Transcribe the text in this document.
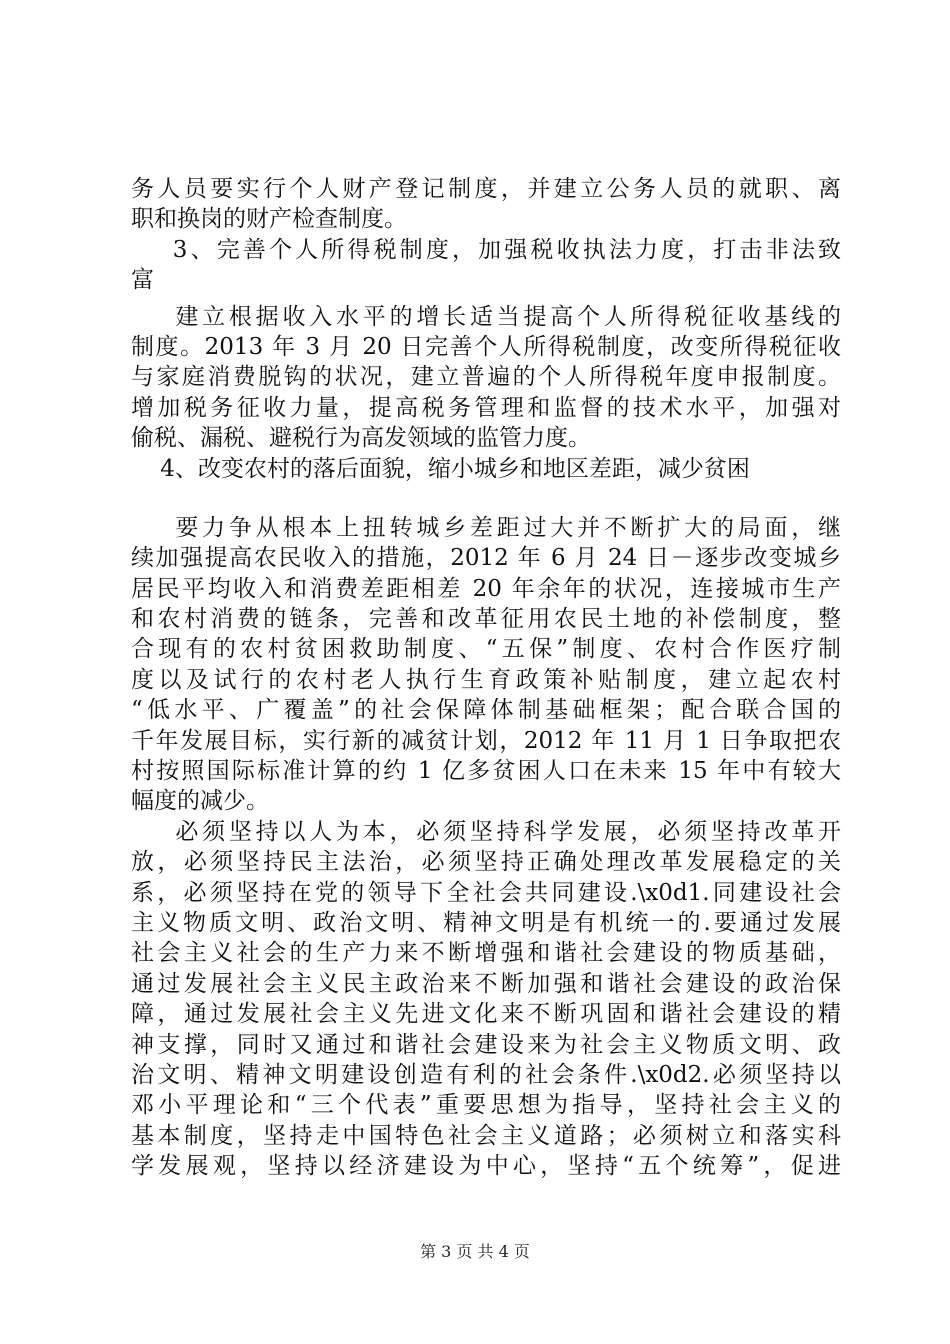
务人员要实行个人财产登记制度，并建立公务人员的就职、离
职和换岗的财产检查制度。
3、完善个人所得税制度，加强税收执法力度，打击非法致
富
建立根据收入水平的增长适当提高个人所得税征收基线的
制度。2013 年 3 月 20 日完善个人所得税制度，改变所得税征收
与家庭消费脱钩的状况，建立普遍的个人所得税年度申报制度。
增加税务征收力量，提高税务管理和监督的技术水平，加强对
偷税、漏税、避税行为高发领域的监管力度。
4、改变农村的落后面貌，缩小城乡和地区差距，减少贫困
要力争从根本上扭转城乡差距过大并不断扩大的局面，继
续加强提高农民收入的措施，2012 年 6 月 24 日－逐步改变城乡
居民平均收入和消费差距相差 20 年余年的状况，连接城市生产
和农村消费的链条，完善和改革征用农民土地的补偿制度，整
合现有的农村贫困救助制度、“五保”制度、农村合作医疗制
度以及试行的农村老人执行生育政策补贴制度，建立起农村
“低水平、广覆盖”的社会保障体制基础框架；配合联合国的
千年发展目标，实行新的减贫计划，2012 年 11 月 1 日争取把农
村按照国际标准计算的约 1 亿多贫困人口在未来 15 年中有较大
幅度的减少。
必须坚持以人为本，必须坚持科学发展，必须坚持改革开
放，必须坚持民主法治，必须坚持正确处理改革发展稳定的关
系，必须坚持在党的领导下全社会共同建设.\x0d1.同建设社会
主义物质文明、政治文明、精神文明是有机统一的.要通过发展
社会主义社会的生产力来不断增强和谐社会建设的物质基础，
通过发展社会主义民主政治来不断加强和谐社会建设的政治保
障，通过发展社会主义先进文化来不断巩固和谐社会建设的精
神支撑，同时又通过和谐社会建设来为社会主义物质文明、政
治文明、精神文明建设创造有利的社会条件.\x0d2.必须坚持以
邓小平理论和“三个代表”重要思想为指导，坚持社会主义的
基本制度，坚持走中国特色社会主义道路；必须树立和落实科
学发展观，坚持以经济建设为中心，坚持“五个统筹”，促进
第 3 页 共 4 页
